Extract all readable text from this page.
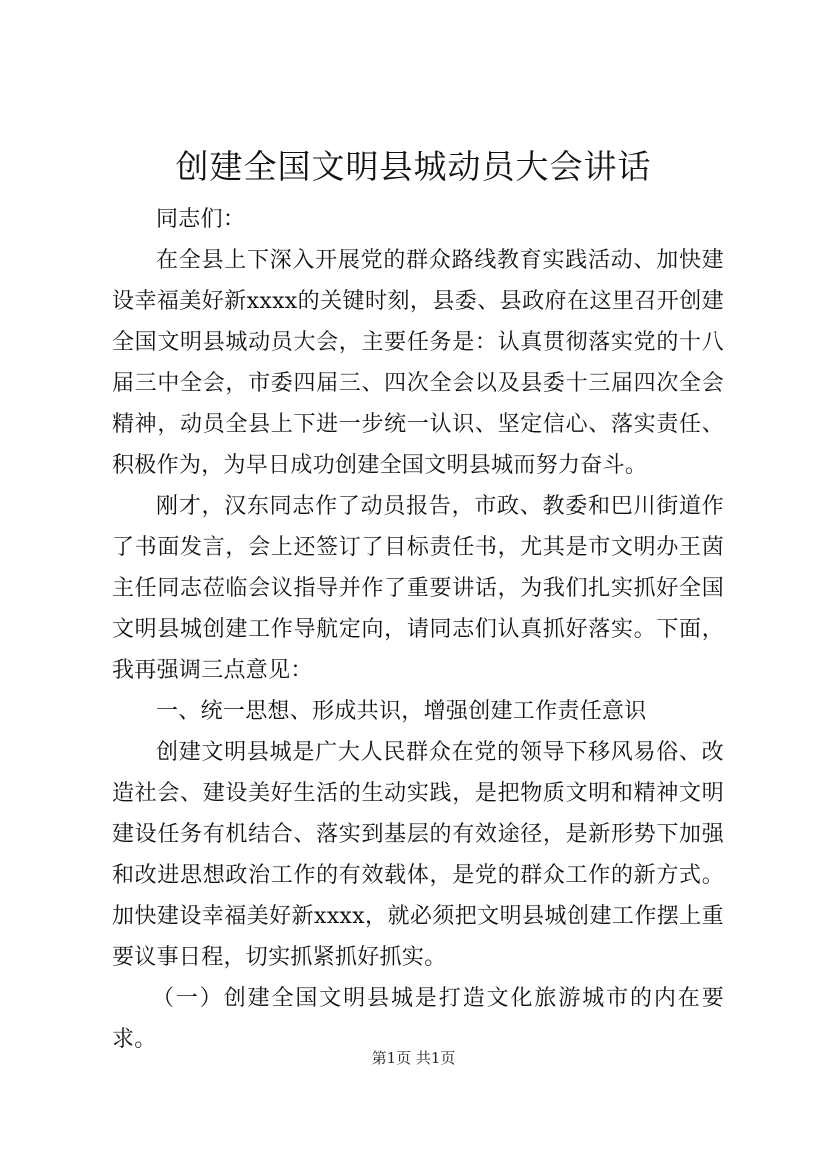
创建全国文明县城动员大会讲话

同志们：

在全县上下深入开展党的群众路线教育实践活动、加快建设幸福美好新xxxx的关键时刻，县委、县政府在这里召开创建全国文明县城动员大会，主要任务是：认真贯彻落实党的十八届三中全会，市委四届三、四次全会以及县委十三届四次全会精神，动员全县上下进一步统一认识、坚定信心、落实责任、积极作为，为早日成功创建全国文明县城而努力奋斗。

刚才，汉东同志作了动员报告，市政、教委和巴川街道作了书面发言，会上还签订了目标责任书，尤其是市文明办王茵主任同志莅临会议指导并作了重要讲话，为我们扎实抓好全国文明县城创建工作导航定向，请同志们认真抓好落实。下面，我再强调三点意见：

一、统一思想、形成共识，增强创建工作责任意识

创建文明县城是广大人民群众在党的领导下移风易俗、改造社会、建设美好生活的生动实践，是把物质文明和精神文明建设任务有机结合、落实到基层的有效途径，是新形势下加强和改进思想政治工作的有效载体，是党的群众工作的新方式。加快建设幸福美好新xxxx，就必须把文明县城创建工作摆上重要议事日程，切实抓紧抓好抓实。

（一）创建全国文明县城是打造文化旅游城市的内在要求。

第1页 共1页
